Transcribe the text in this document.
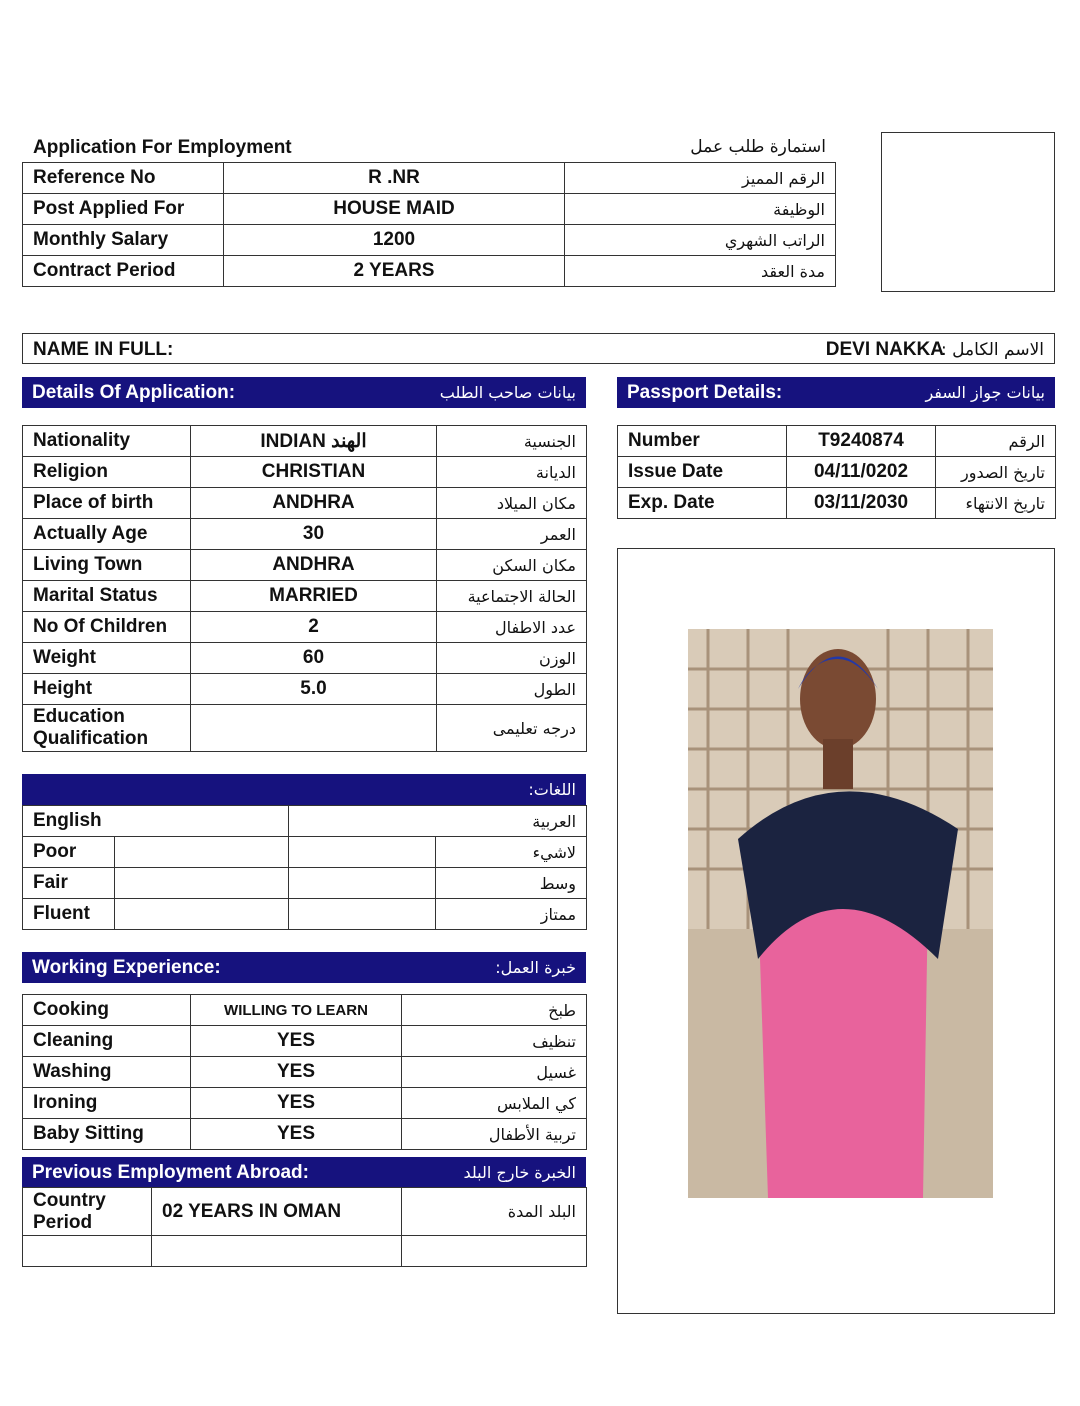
Application For Employment	استمارة طلب عمل
Reference No	R .NR	الرقم المميز
Post Applied For	HOUSE MAID	الوظيفة
Monthly Salary	1200	الراتب الشهري
Contract Period	2 YEARS	مدة العقد
NAME IN FULL:	DEVI NAKKA
الاسم الكامل :
Details Of Application:	بيانات صاحب الطلب	Passport Details:	بيانات جواز السفر
Nationality	INDIAN الهند	الجنسية
Religion	CHRISTIAN	الديانة
Place of birth	ANDHRA	مكان الميلاد
Actually Age	30	العمر
Living Town	ANDHRA	مكان السكن
Marital Status	MARRIED	الحالة الاجتماعية
No Of Children	2	عدد الاطفال
Weight	60	الوزن
Height	5.0	الطول
Education Qualification		درجه تعليمى
Number	T9240874	الرقم
Issue Date	04/11/0202	تاريخ الصدور
Exp. Date	03/11/2030	تاريخ الانتهاء
اللغات:
English		العربية	
Poor			لاشيء
Fair			وسط
Fluent			ممتاز
Working Experience:	خبرة العمل:
Cooking	WILLING TO LEARN	طبخ
Cleaning	YES	تنظيف
Washing	YES	غسيل
Ironing	YES	كي الملابس
Baby Sitting	YES	تربية الأطفال
Previous Employment Abroad:	الخبرة خارج البلد
Country Period	02 YEARS IN OMAN	البلد المدة
